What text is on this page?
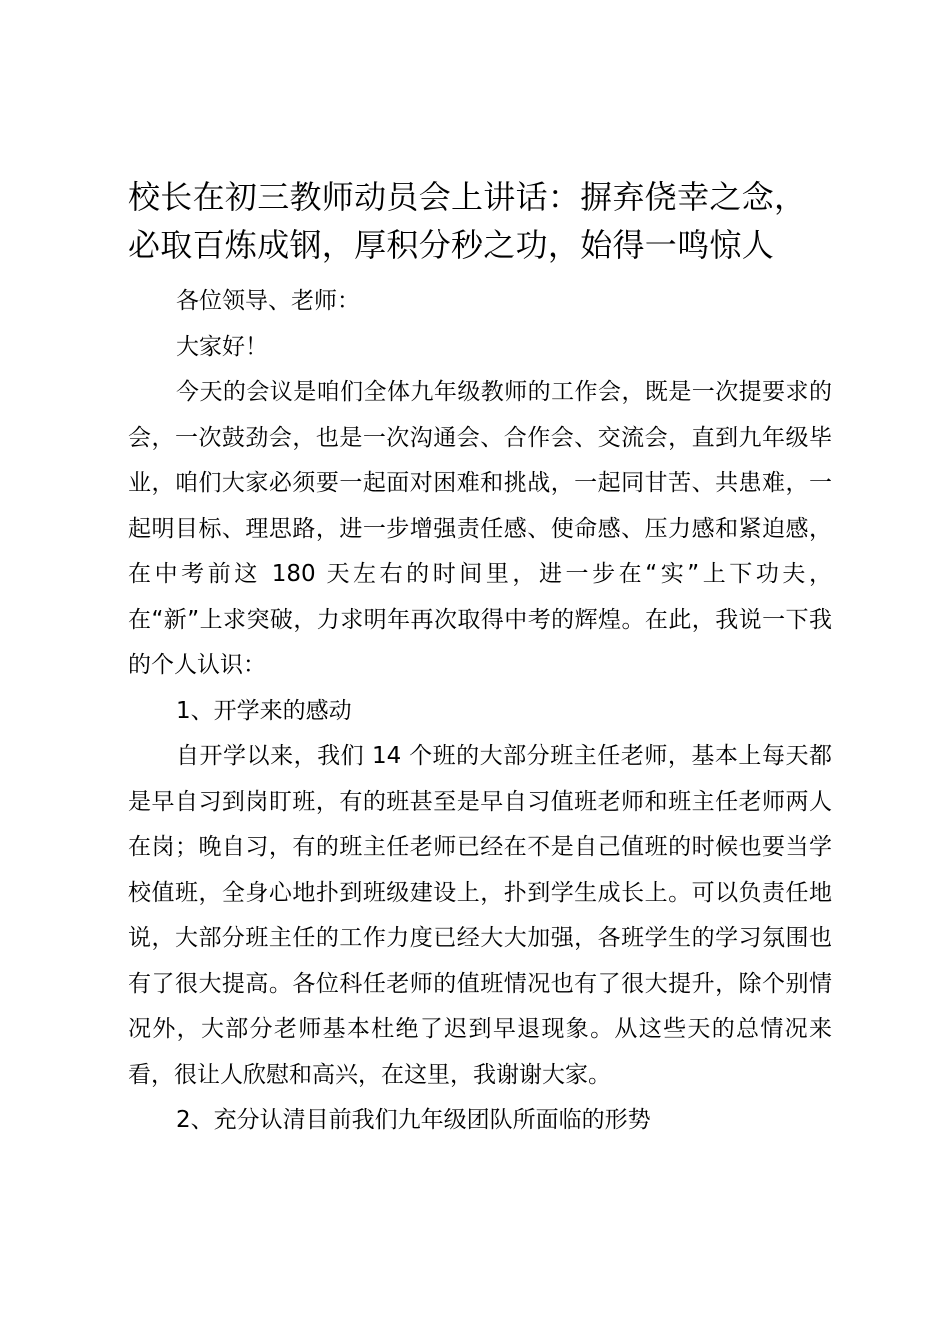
校长在初三教师动员会上讲话：摒弃侥幸之念，
必取百炼成钢，厚积分秒之功，始得一鸣惊人

各位领导、老师：

大家好！

今天的会议是咱们全体九年级教师的工作会，既是一次提要求的会，一次鼓劲会，也是一次沟通会、合作会、交流会，直到九年级毕业，咱们大家必须要一起面对困难和挑战，一起同甘苦、共患难，一起明目标、理思路，进一步增强责任感、使命感、压力感和紧迫感，在中考前这 180 天左右的时间里，进一步在“实”上下功夫，在“新”上求突破，力求明年再次取得中考的辉煌。在此，我说一下我的个人认识：

1、开学来的感动

自开学以来，我们 14 个班的大部分班主任老师，基本上每天都是早自习到岗盯班，有的班甚至是早自习值班老师和班主任老师两人在岗；晚自习，有的班主任老师已经在不是自己值班的时候也要当学校值班，全身心地扑到班级建设上，扑到学生成长上。可以负责任地说，大部分班主任的工作力度已经大大加强，各班学生的学习氛围也有了很大提高。各位科任老师的值班情况也有了很大提升，除个别情况外，大部分老师基本杜绝了迟到早退现象。从这些天的总情况来看，很让人欣慰和高兴，在这里，我谢谢大家。

2、充分认清目前我们九年级团队所面临的形势
